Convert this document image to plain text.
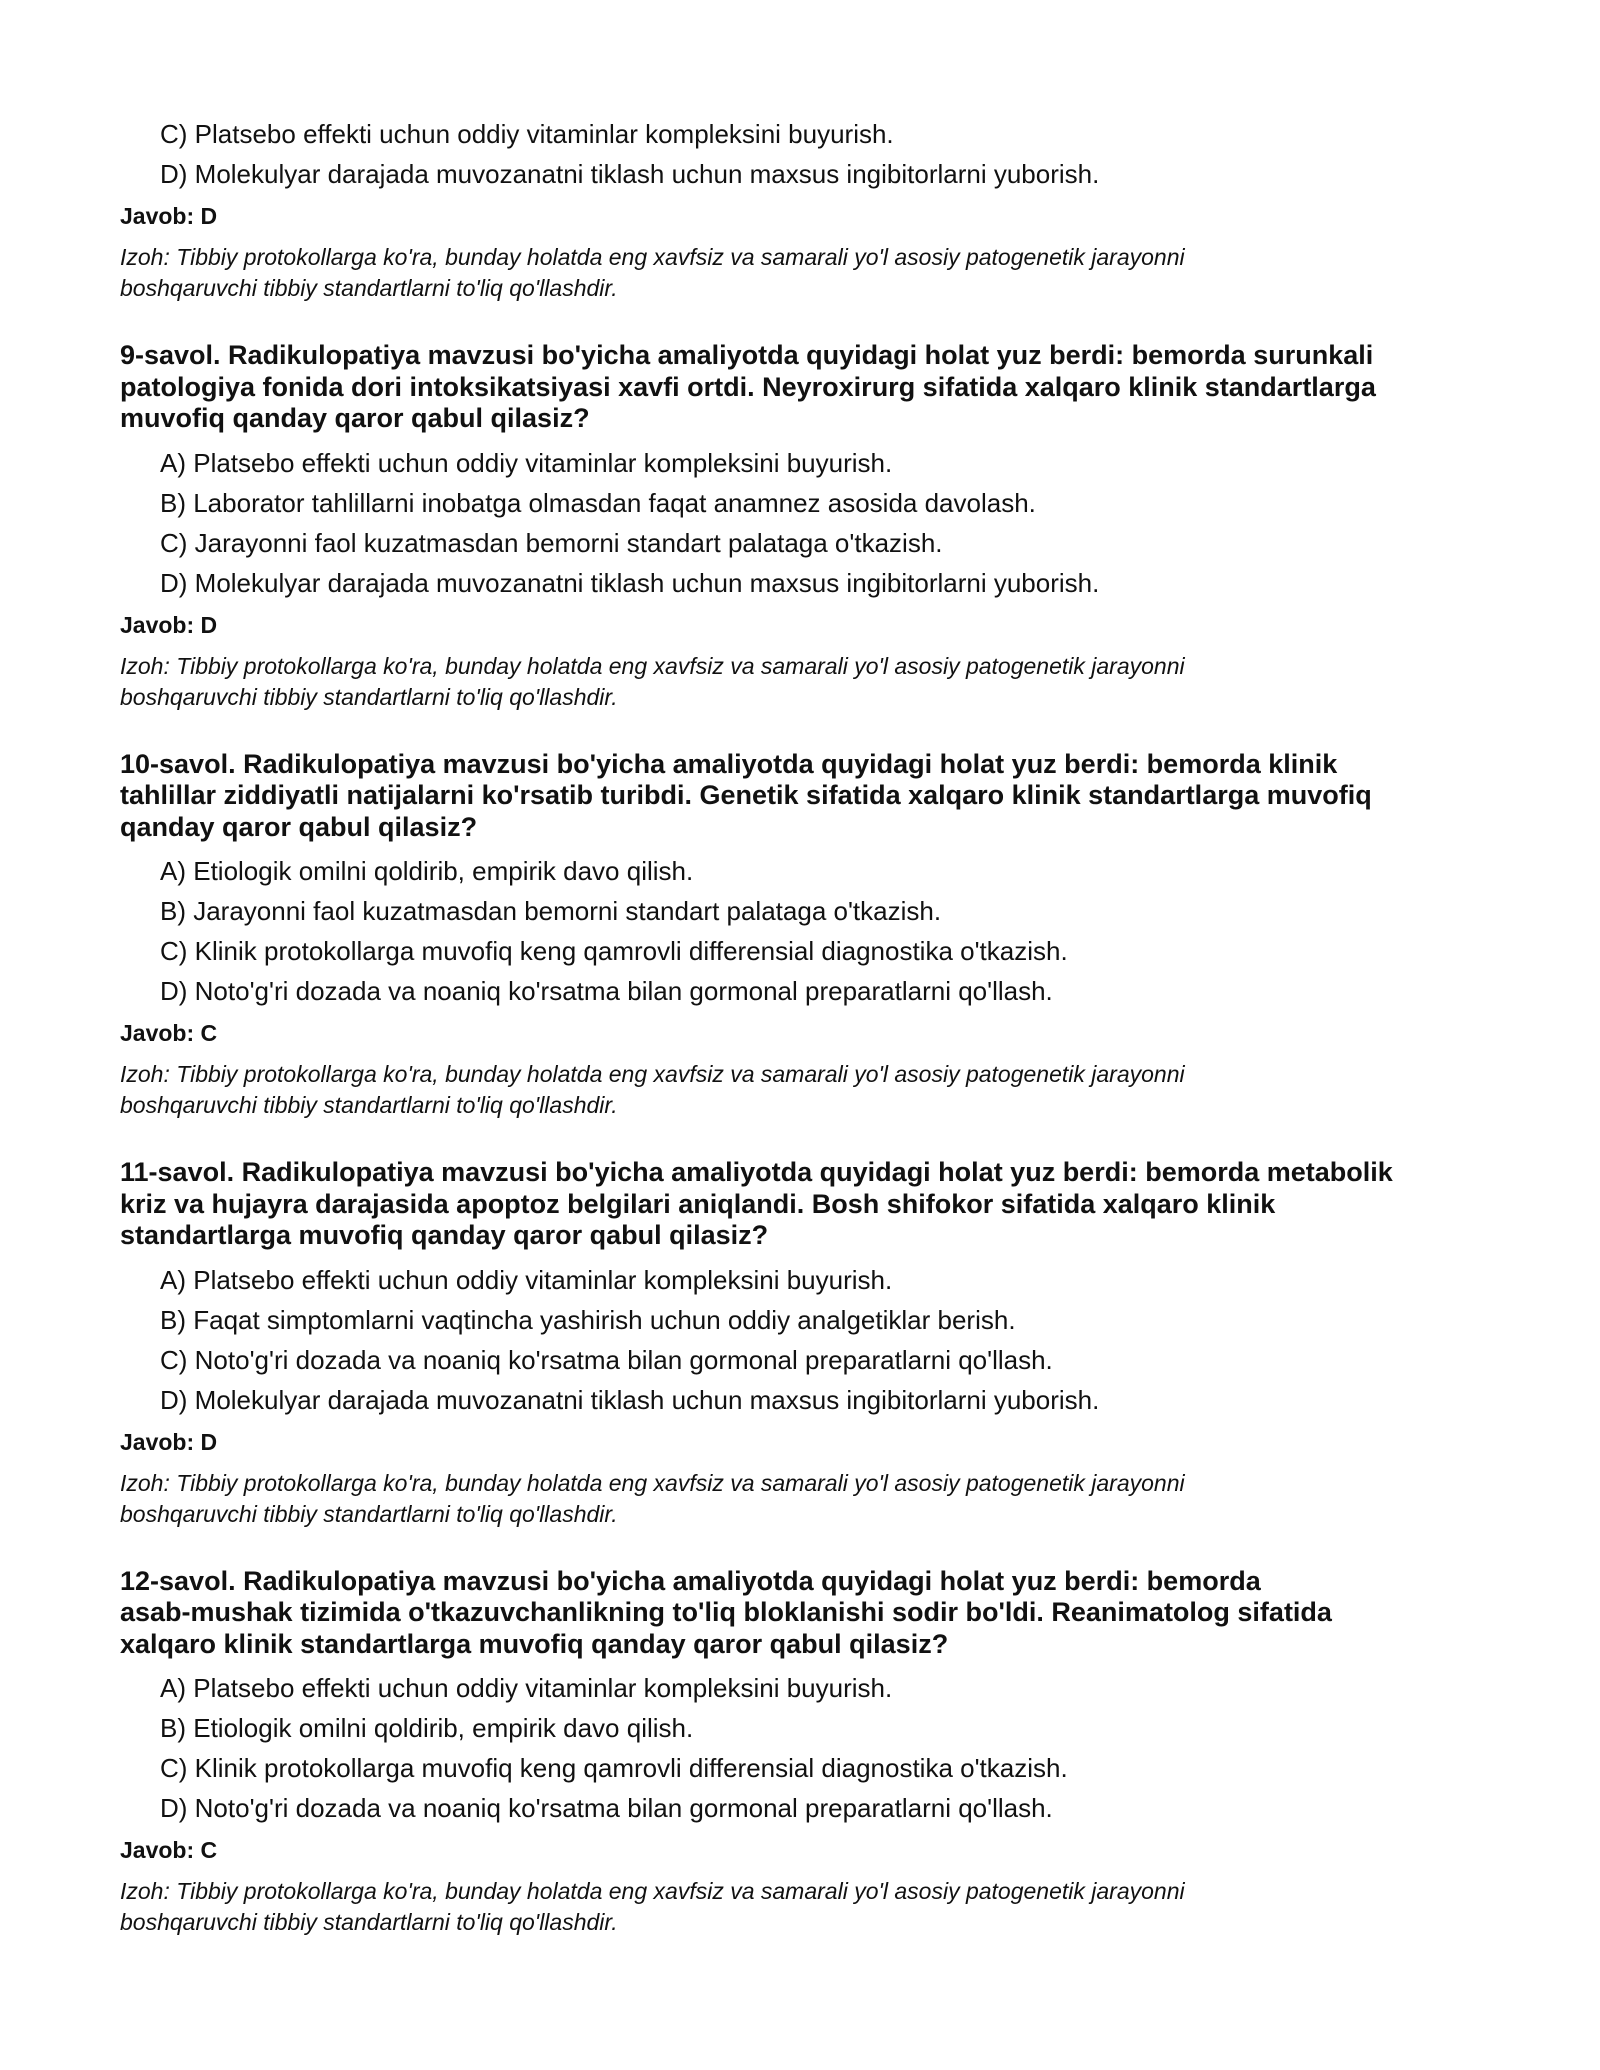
C) Platsebo effekti uchun oddiy vitaminlar kompleksini buyurish.
D) Molekulyar darajada muvozanatni tiklash uchun maxsus ingibitorlarni yuborish.
Javob: D

Izoh: Tibbiy protokollarga ko'ra, bunday holatda eng xavfsiz va samarali yo'l asosiy patogenetik jarayonni
boshqaruvchi tibbiy standartlarni to'liq qo'llashdir.

9-savol. Radikulopatiya mavzusi bo'yicha amaliyotda quyidagi holat yuz berdi: bemorda surunkali
patologiya fonida dori intoksikatsiyasi xavfi ortdi. Neyroxirurg sifatida xalqaro klinik standartlarga
muvofiq qanday qaror qabul qilasiz?
A) Platsebo effekti uchun oddiy vitaminlar kompleksini buyurish.
B) Laborator tahlillarni inobatga olmasdan faqat anamnez asosida davolash.
C) Jarayonni faol kuzatmasdan bemorni standart palataga o'tkazish.
D) Molekulyar darajada muvozanatni tiklash uchun maxsus ingibitorlarni yuborish.
Javob: D

Izoh: Tibbiy protokollarga ko'ra, bunday holatda eng xavfsiz va samarali yo'l asosiy patogenetik jarayonni
boshqaruvchi tibbiy standartlarni to'liq qo'llashdir.

10-savol. Radikulopatiya mavzusi bo'yicha amaliyotda quyidagi holat yuz berdi: bemorda klinik
tahlillar ziddiyatli natijalarni ko'rsatib turibdi. Genetik sifatida xalqaro klinik standartlarga muvofiq
qanday qaror qabul qilasiz?
A) Etiologik omilni qoldirib, empirik davo qilish.
B) Jarayonni faol kuzatmasdan bemorni standart palataga o'tkazish.
C) Klinik protokollarga muvofiq keng qamrovli differensial diagnostika o'tkazish.
D) Noto'g'ri dozada va noaniq ko'rsatma bilan gormonal preparatlarni qo'llash.
Javob: C

Izoh: Tibbiy protokollarga ko'ra, bunday holatda eng xavfsiz va samarali yo'l asosiy patogenetik jarayonni
boshqaruvchi tibbiy standartlarni to'liq qo'llashdir.

11-savol. Radikulopatiya mavzusi bo'yicha amaliyotda quyidagi holat yuz berdi: bemorda metabolik
kriz va hujayra darajasida apoptoz belgilari aniqlandi. Bosh shifokor sifatida xalqaro klinik
standartlarga muvofiq qanday qaror qabul qilasiz?
A) Platsebo effekti uchun oddiy vitaminlar kompleksini buyurish.
B) Faqat simptomlarni vaqtincha yashirish uchun oddiy analgetiklar berish.
C) Noto'g'ri dozada va noaniq ko'rsatma bilan gormonal preparatlarni qo'llash.
D) Molekulyar darajada muvozanatni tiklash uchun maxsus ingibitorlarni yuborish.
Javob: D

Izoh: Tibbiy protokollarga ko'ra, bunday holatda eng xavfsiz va samarali yo'l asosiy patogenetik jarayonni
boshqaruvchi tibbiy standartlarni to'liq qo'llashdir.

12-savol. Radikulopatiya mavzusi bo'yicha amaliyotda quyidagi holat yuz berdi: bemorda
asab-mushak tizimida o'tkazuvchanlikning to'liq bloklanishi sodir bo'ldi. Reanimatolog sifatida
xalqaro klinik standartlarga muvofiq qanday qaror qabul qilasiz?
A) Platsebo effekti uchun oddiy vitaminlar kompleksini buyurish.
B) Etiologik omilni qoldirib, empirik davo qilish.
C) Klinik protokollarga muvofiq keng qamrovli differensial diagnostika o'tkazish.
D) Noto'g'ri dozada va noaniq ko'rsatma bilan gormonal preparatlarni qo'llash.
Javob: C

Izoh: Tibbiy protokollarga ko'ra, bunday holatda eng xavfsiz va samarali yo'l asosiy patogenetik jarayonni
boshqaruvchi tibbiy standartlarni to'liq qo'llashdir.
